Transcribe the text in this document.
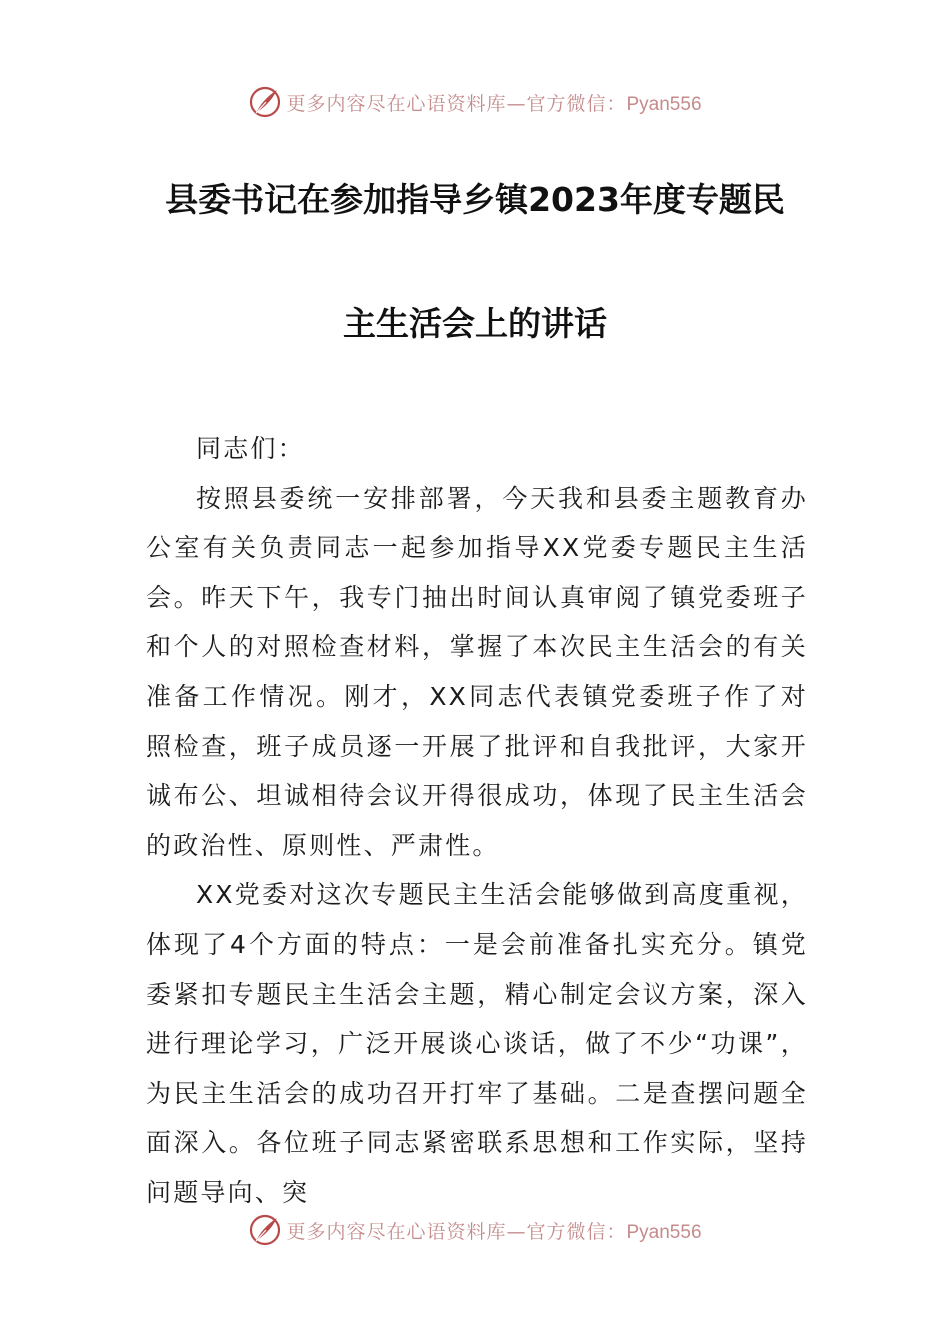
更多内容尽在心语资料库—官方微信：Pyan556
县委书记在参加指导乡镇2023年度专题民
主生活会上的讲话

同志们：

按照县委统一安排部署，今天我和县委主题教育办公室有关负责同志一起参加指导XX党委专题民主生活会。昨天下午，我专门抽出时间认真审阅了镇党委班子和个人的对照检查材料，掌握了本次民主生活会的有关准备工作情况。刚才，XX同志代表镇党委班子作了对照检查，班子成员逐一开展了批评和自我批评，大家开诚布公、坦诚相待会议开得很成功，体现了民主生活会的政治性、原则性、严肃性。

XX党委对这次专题民主生活会能够做到高度重视，体现了4个方面的特点：一是会前准备扎实充分。镇党委紧扣专题民主生活会主题，精心制定会议方案，深入进行理论学习，广泛开展谈心谈话，做了不少“功课”，为民主生活会的成功召开打牢了基础。二是查摆问题全面深入。各位班子同志紧密联系思想和工作实际，坚持问题导向、突

更多内容尽在心语资料库—官方微信：Pyan556
